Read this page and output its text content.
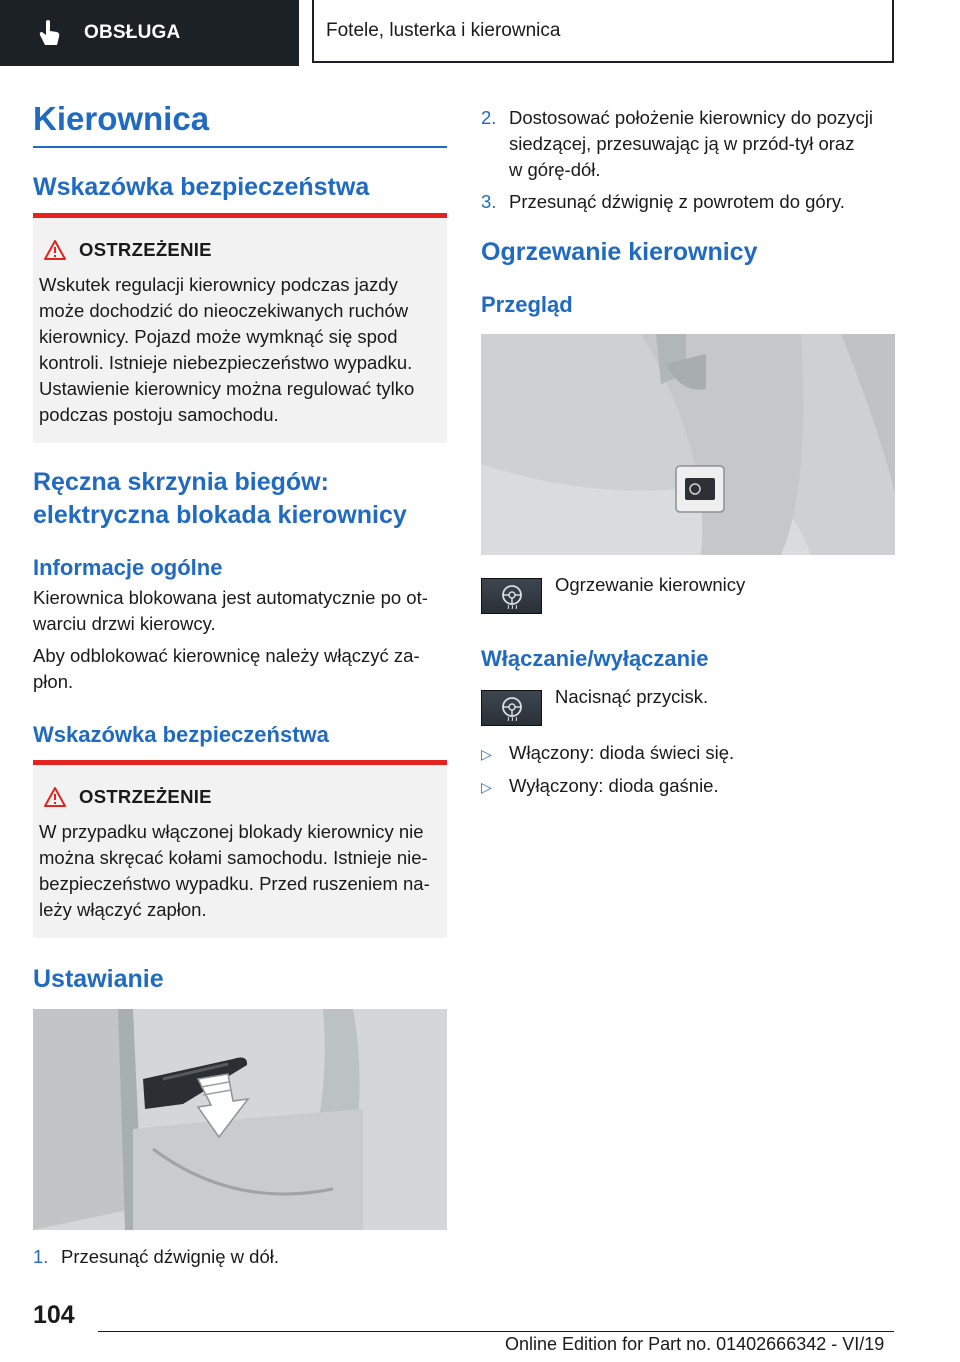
OBSŁUGA	Fotele, lusterka i kierownica
Kierownica
Wskazówka bezpieczeństwa
OSTRZEŻENIE
Wskutek regulacji kierownicy podczas jazdy
może dochodzić do nieoczekiwanych ruchów
kierownicy. Pojazd może wymknąć się spod
kontroli. Istnieje niebezpieczeństwo wypadku.
Ustawienie kierownicy można regulować tylko
podczas postoju samochodu.
Ręczna skrzynia biegów:
elektryczna blokada kierownicy
Informacje ogólne
Kierownica blokowana jest automatycznie po ot-
warciu drzwi kierowcy.
Aby odblokować kierownicę należy włączyć za-
płon.
Wskazówka bezpieczeństwa
OSTRZEŻENIE
W przypadku włączonej blokady kierownicy nie
można skręcać kołami samochodu. Istnieje nie-
bezpieczeństwo wypadku. Przed ruszeniem na-
leży włączyć zapłon.
Ustawianie
1. Przesunąć dźwignię w dół.
2. Dostosować położenie kierownicy do pozycji
siedzącej, przesuwając ją w przód-tył oraz
w górę-dół.
3. Przesunąć dźwignię z powrotem do góry.
Ogrzewanie kierownicy
Przegląd
Ogrzewanie kierownicy
Włączanie/wyłączanie
Nacisnąć przycisk.
▷ Włączony: dioda świeci się.
▷ Wyłączony: dioda gaśnie.
104
Online Edition for Part no. 01402666342 - VI/19
